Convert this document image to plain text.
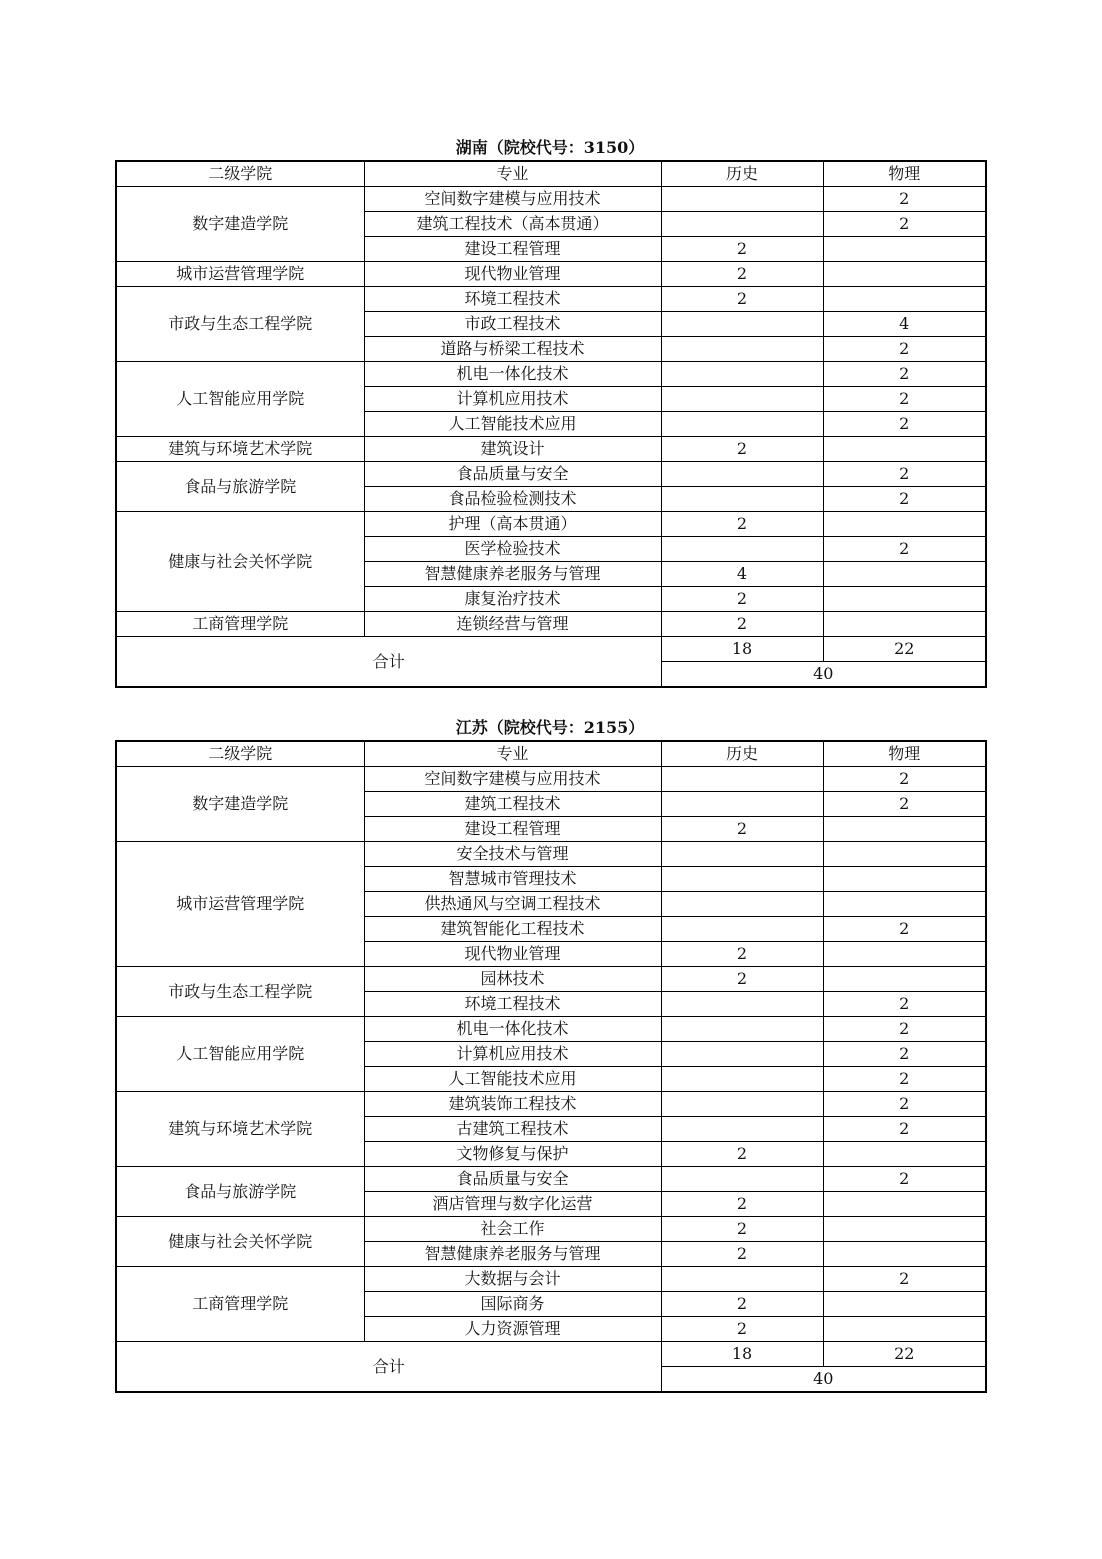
湖南（院校代号：3150）
二级学院	专业	历史	物理
数字建造学院	空间数字建模与应用技术		2
	建筑工程技术（高本贯通）		2
	建设工程管理	2	
城市运营管理学院	现代物业管理	2	
市政与生态工程学院	环境工程技术	2	
	市政工程技术		4
	道路与桥梁工程技术		2
人工智能应用学院	机电一体化技术		2
	计算机应用技术		2
	人工智能技术应用		2
建筑与环境艺术学院	建筑设计	2	
食品与旅游学院	食品质量与安全		2
	食品检验检测技术		2
健康与社会关怀学院	护理（高本贯通）	2	
	医学检验技术		2
	智慧健康养老服务与管理	4	
	康复治疗技术	2	
工商管理学院	连锁经营与管理	2	
合计		18	22
		40	
江苏（院校代号：2155）
二级学院	专业	历史	物理
数字建造学院	空间数字建模与应用技术		2
	建筑工程技术		2
	建设工程管理	2	
城市运营管理学院	安全技术与管理		
	智慧城市管理技术		
	供热通风与空调工程技术		
	建筑智能化工程技术		2
	现代物业管理	2	
市政与生态工程学院	园林技术	2	
	环境工程技术		2
人工智能应用学院	机电一体化技术		2
	计算机应用技术		2
	人工智能技术应用		2
建筑与环境艺术学院	建筑装饰工程技术		2
	古建筑工程技术		2
	文物修复与保护	2	
食品与旅游学院	食品质量与安全		2
	酒店管理与数字化运营	2	
健康与社会关怀学院	社会工作	2	
	智慧健康养老服务与管理	2	
工商管理学院	大数据与会计		2
	国际商务	2	
	人力资源管理	2	
合计		18	22
		40	
